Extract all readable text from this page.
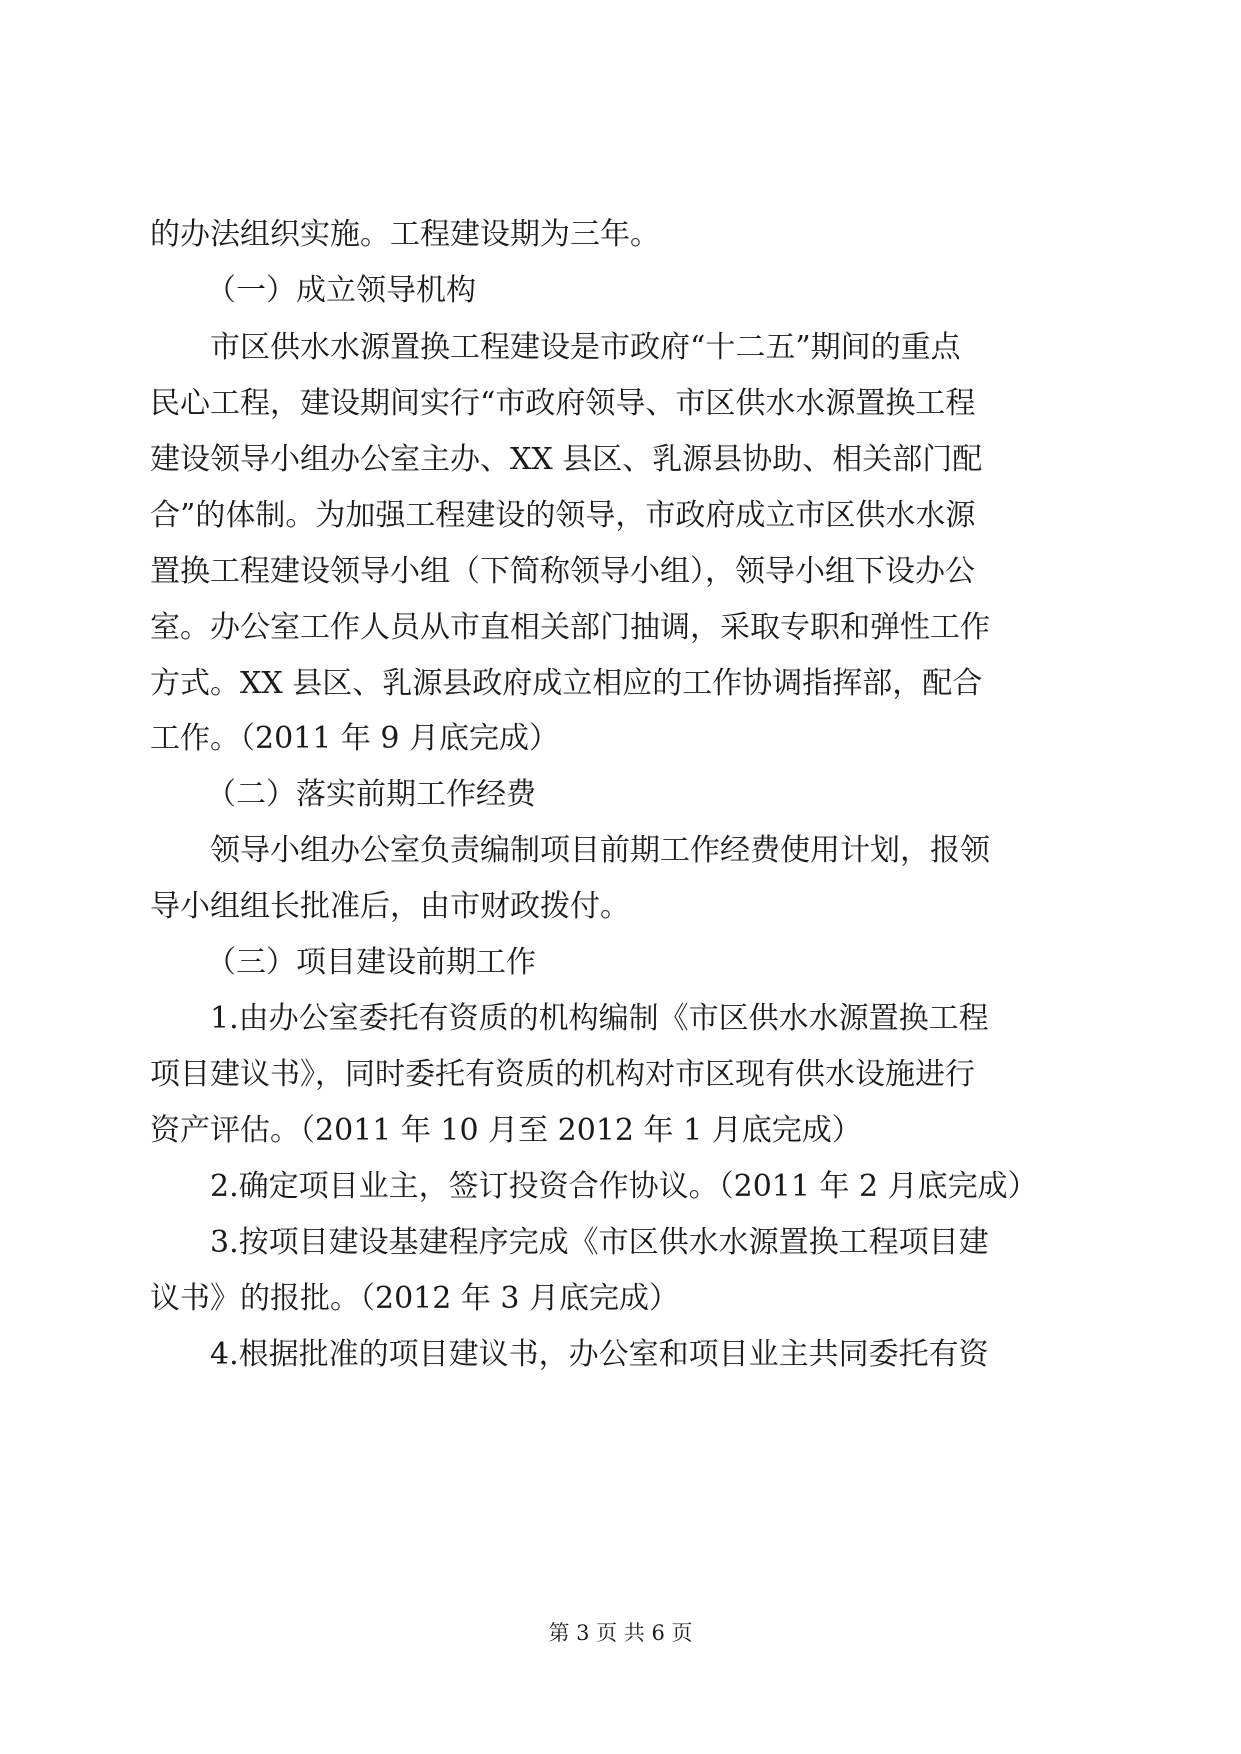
的办法组织实施。工程建设期为三年。
（一）成立领导机构
市区供水水源置换工程建设是市政府“十二五”期间的重点
民心工程，建设期间实行“市政府领导、市区供水水源置换工程
建设领导小组办公室主办、XX 县区、乳源县协助、相关部门配
合”的体制。为加强工程建设的领导，市政府成立市区供水水源
置换工程建设领导小组（下简称领导小组），领导小组下设办公
室。办公室工作人员从市直相关部门抽调，采取专职和弹性工作
方式。XX 县区、乳源县政府成立相应的工作协调指挥部，配合
工作。（2011 年 9 月底完成）
（二）落实前期工作经费
领导小组办公室负责编制项目前期工作经费使用计划，报领
导小组组长批准后，由市财政拨付。
（三）项目建设前期工作
1.由办公室委托有资质的机构编制《市区供水水源置换工程
项目建议书》，同时委托有资质的机构对市区现有供水设施进行
资产评估。（2011 年 10 月至 2012 年 1 月底完成）
2.确定项目业主，签订投资合作协议。（2011 年 2 月底完成）
3.按项目建设基建程序完成《市区供水水源置换工程项目建
议书》的报批。（2012 年 3 月底完成）
4.根据批准的项目建议书，办公室和项目业主共同委托有资
第 3 页 共 6 页
